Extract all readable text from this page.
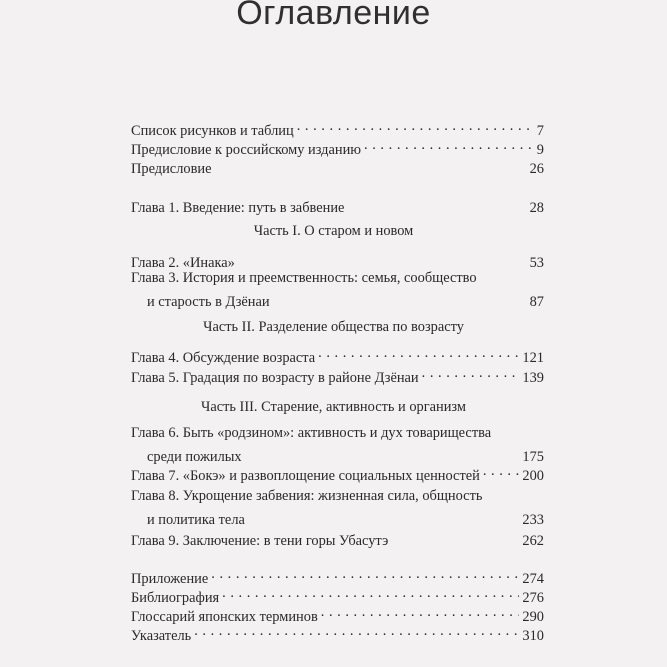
Оглавление
Список рисунков и таблиц . . .	7
Предисловие к российскому изданию . . .	9
Предисловие	26
Глава 1. Введение: путь в забвение	28
Часть I. О старом и новом
Глава 2. «Инака»	53
Глава 3. История и преемственность: семья, сообщество
и старость в Дзёнаи	87
Часть II. Разделение общества по возрасту
Глава 4. Обсуждение возраста . . .	121
Глава 5. Градация по возрасту в районе Дзёнаи . . .	139
Часть III. Старение, активность и организм
Глава 6. Быть «родзином»: активность и дух товарищества
среди пожилых	175
Глава 7. «Бокэ» и развоплощение социальных ценностей . . .	200
Глава 8. Укрощение забвения: жизненная сила, общность
и политика тела	233
Глава 9. Заключение: в тени горы Убасутэ	262
Приложение . . .	274
Библиография . . .	276
Глоссарий японских терминов . . .	290
Указатель . . .	310
